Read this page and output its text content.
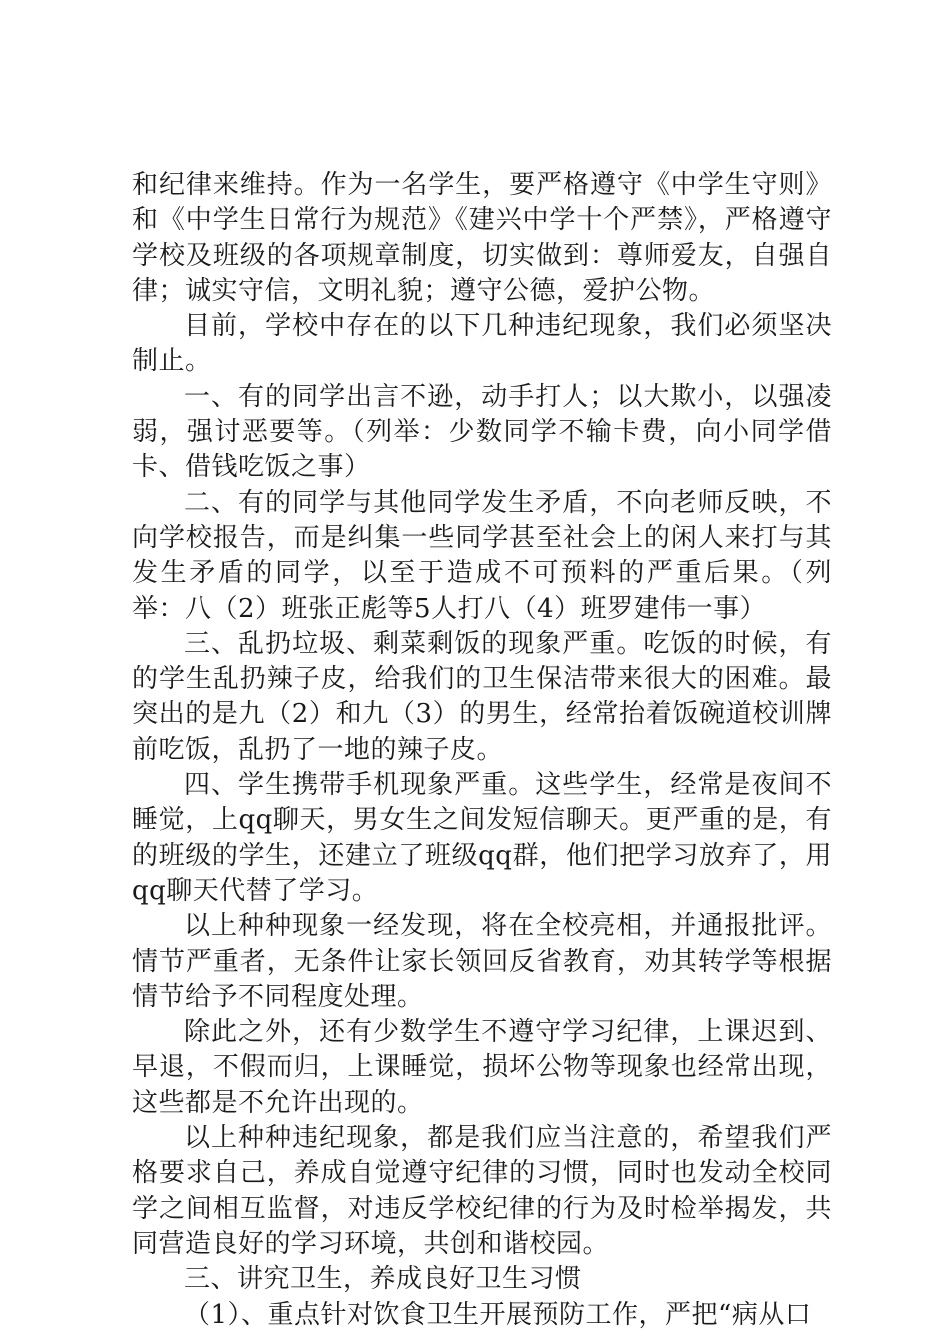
和纪律来维持。作为一名学生，要严格遵守《中学生守则》和《中学生日常行为规范》《建兴中学十个严禁》，严格遵守学校及班级的各项规章制度，切实做到：尊师爱友，自强自律；诚实守信，文明礼貌；遵守公德，爱护公物。

目前，学校中存在的以下几种违纪现象，我们必须坚决制止。

一、有的同学出言不逊，动手打人；以大欺小，以强凌弱，强讨恶要等。（列举：少数同学不输卡费，向小同学借卡、借钱吃饭之事）

二、有的同学与其他同学发生矛盾，不向老师反映，不向学校报告，而是纠集一些同学甚至社会上的闲人来打与其发生矛盾的同学，以至于造成不可预料的严重后果。（列举：八（2）班张正彪等5人打八（4）班罗建伟一事）

三、乱扔垃圾、剩菜剩饭的现象严重。吃饭的时候，有的学生乱扔辣子皮，给我们的卫生保洁带来很大的困难。最突出的是九（2）和九（3）的男生，经常抬着饭碗道校训牌前吃饭，乱扔了一地的辣子皮。

四、学生携带手机现象严重。这些学生，经常是夜间不睡觉，上qq聊天，男女生之间发短信聊天。更严重的是，有的班级的学生，还建立了班级qq群，他们把学习放弃了，用qq聊天代替了学习。

以上种种现象一经发现，将在全校亮相，并通报批评。情节严重者，无条件让家长领回反省教育，劝其转学等根据情节给予不同程度处理。

除此之外，还有少数学生不遵守学习纪律，上课迟到、早退，不假而归，上课睡觉，损坏公物等现象也经常出现，这些都是不允许出现的。

以上种种违纪现象，都是我们应当注意的，希望我们严格要求自己，养成自觉遵守纪律的习惯，同时也发动全校同学之间相互监督，对违反学校纪律的行为及时检举揭发，共同营造良好的学习环境，共创和谐校园。

三、讲究卫生，养成良好卫生习惯

（1）、重点针对饮食卫生开展预防工作，严把“病从口
